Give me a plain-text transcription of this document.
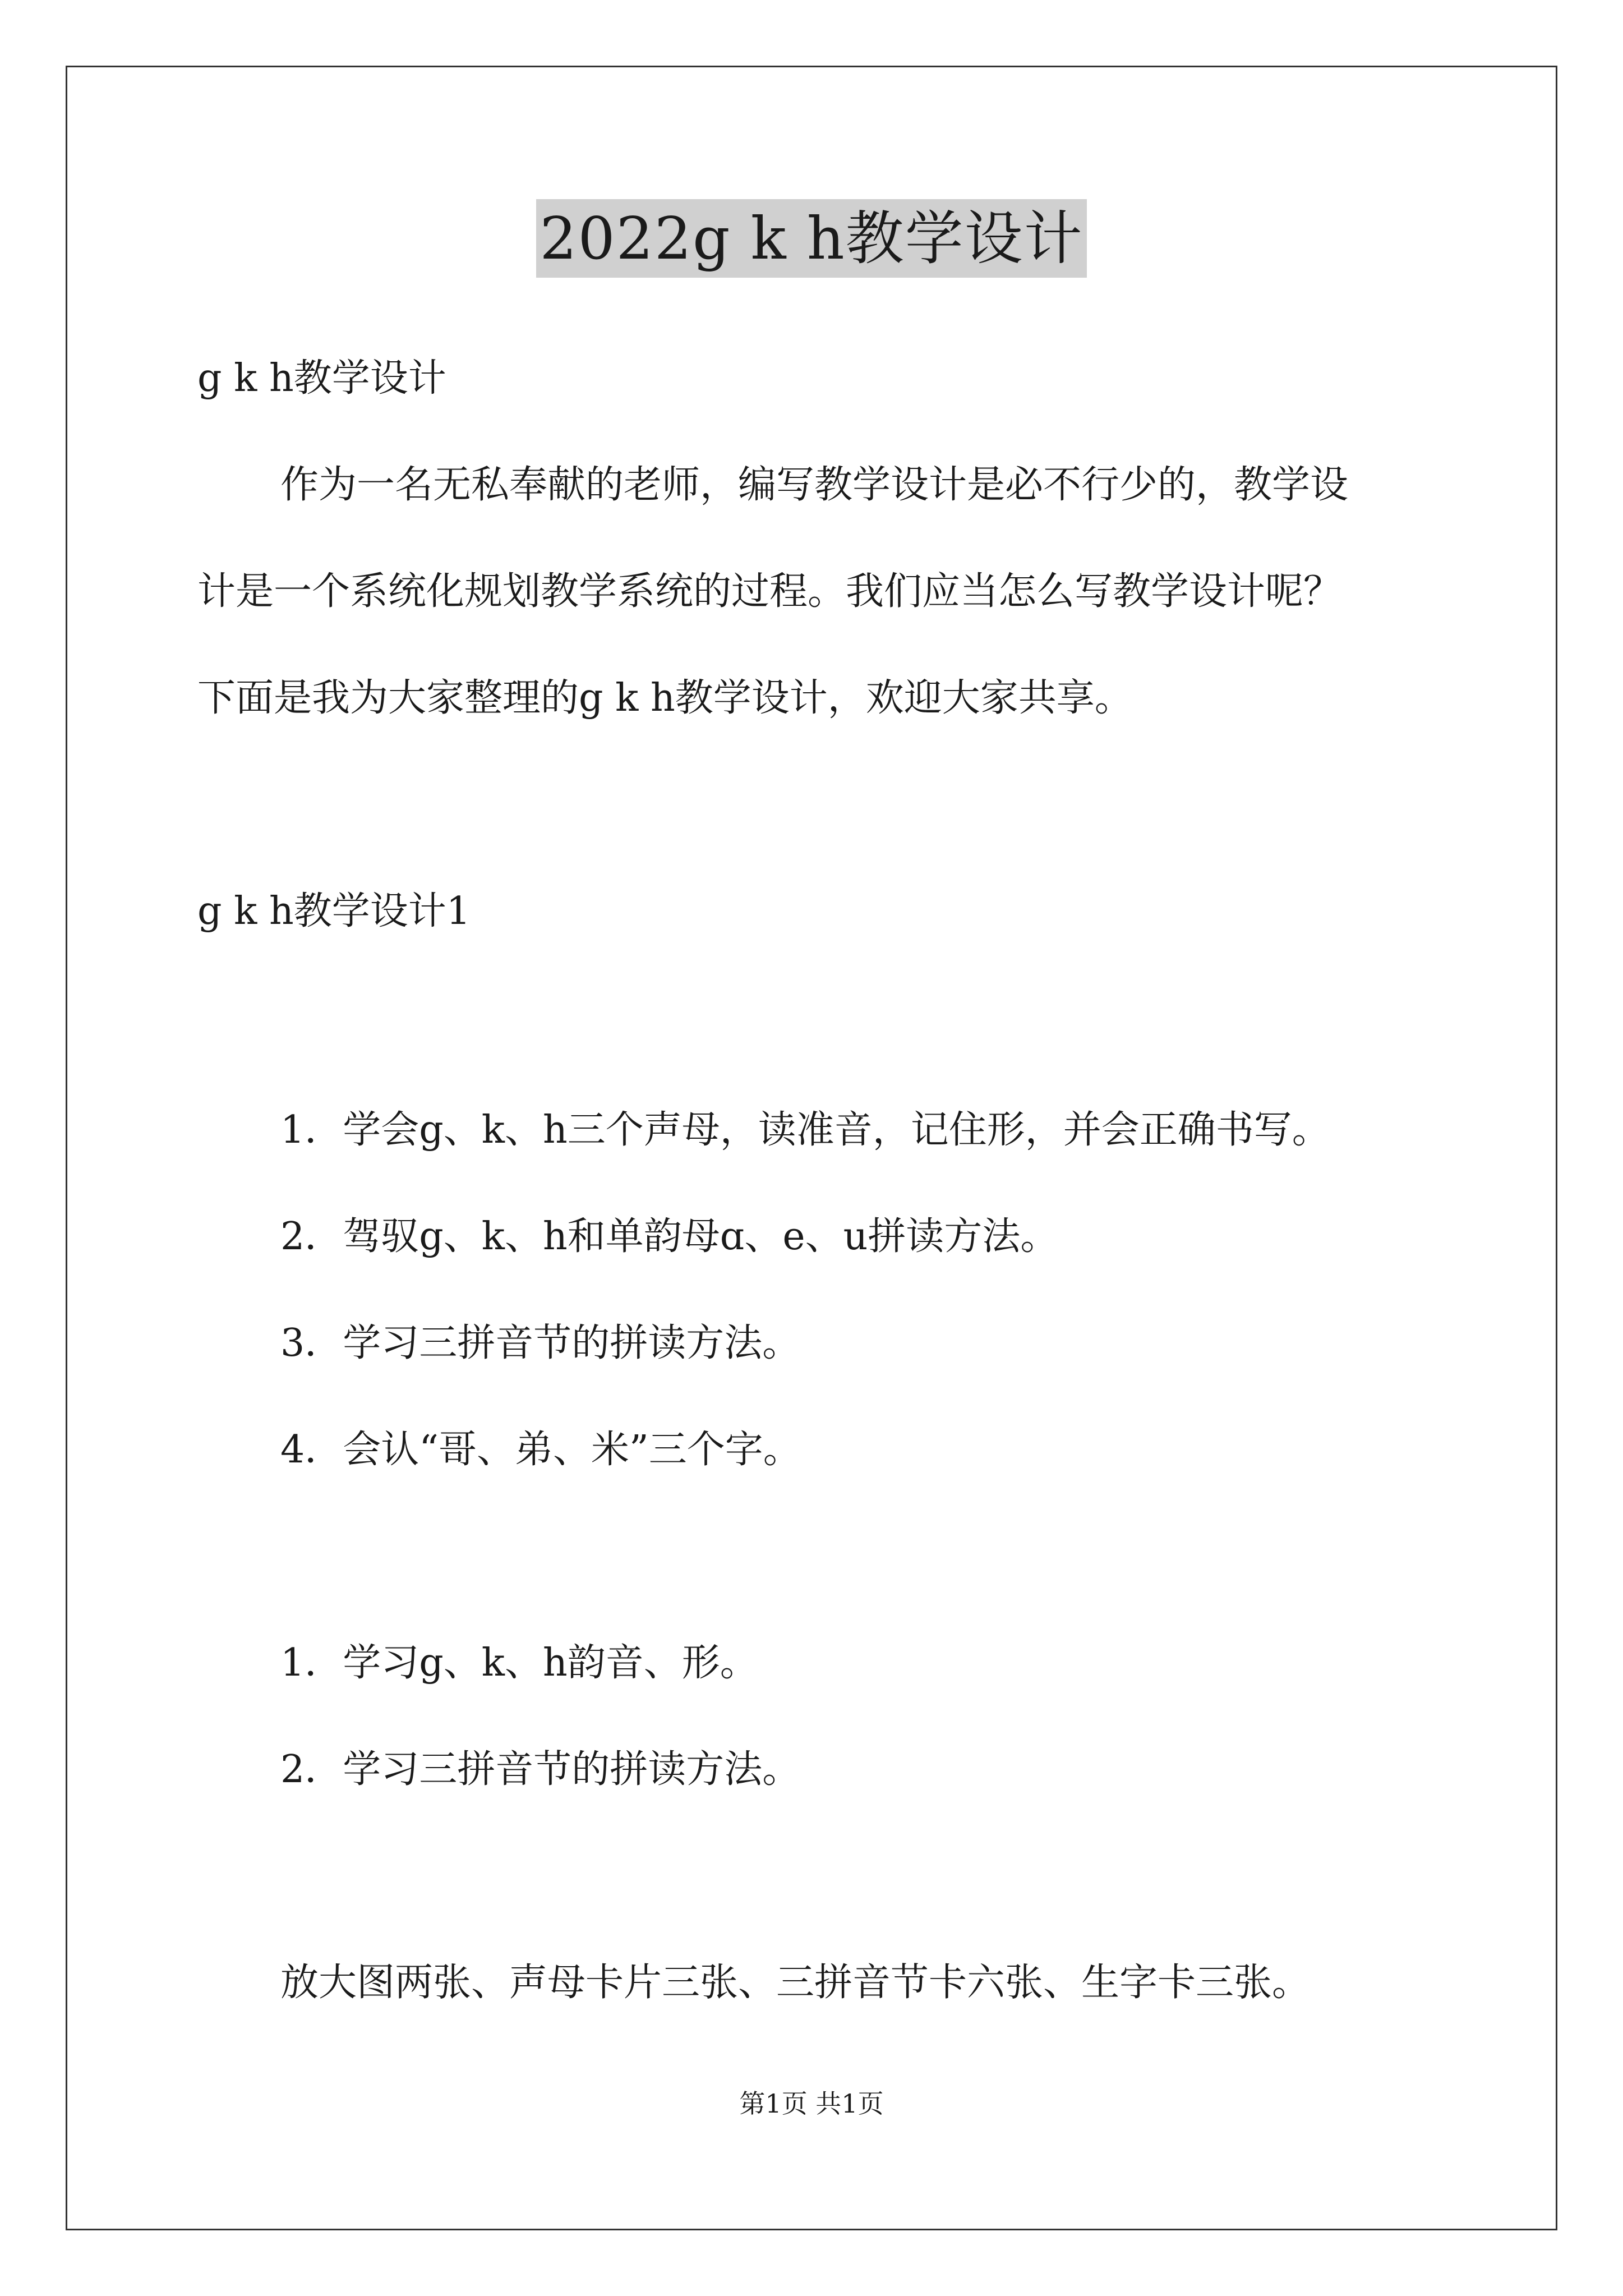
2022g k h教学设计
g k h教学设计
作为一名无私奉献的老师，编写教学设计是必不行少的，教学设
计是一个系统化规划教学系统的过程。我们应当怎么写教学设计呢？
下面是我为大家整理的g k h教学设计，欢迎大家共享。
g k h教学设计1
1．学会g、k、h三个声母，读准音，记住形，并会正确书写。
2．驾驭g、k、h和单韵母ɑ、e、u拼读方法。
3．学习三拼音节的拼读方法。
4．会认“哥、弟、米”三个字。
1．学习g、k、h韵音、形。
2．学习三拼音节的拼读方法。
放大图两张、声母卡片三张、三拼音节卡六张、生字卡三张。
第1页 共1页
